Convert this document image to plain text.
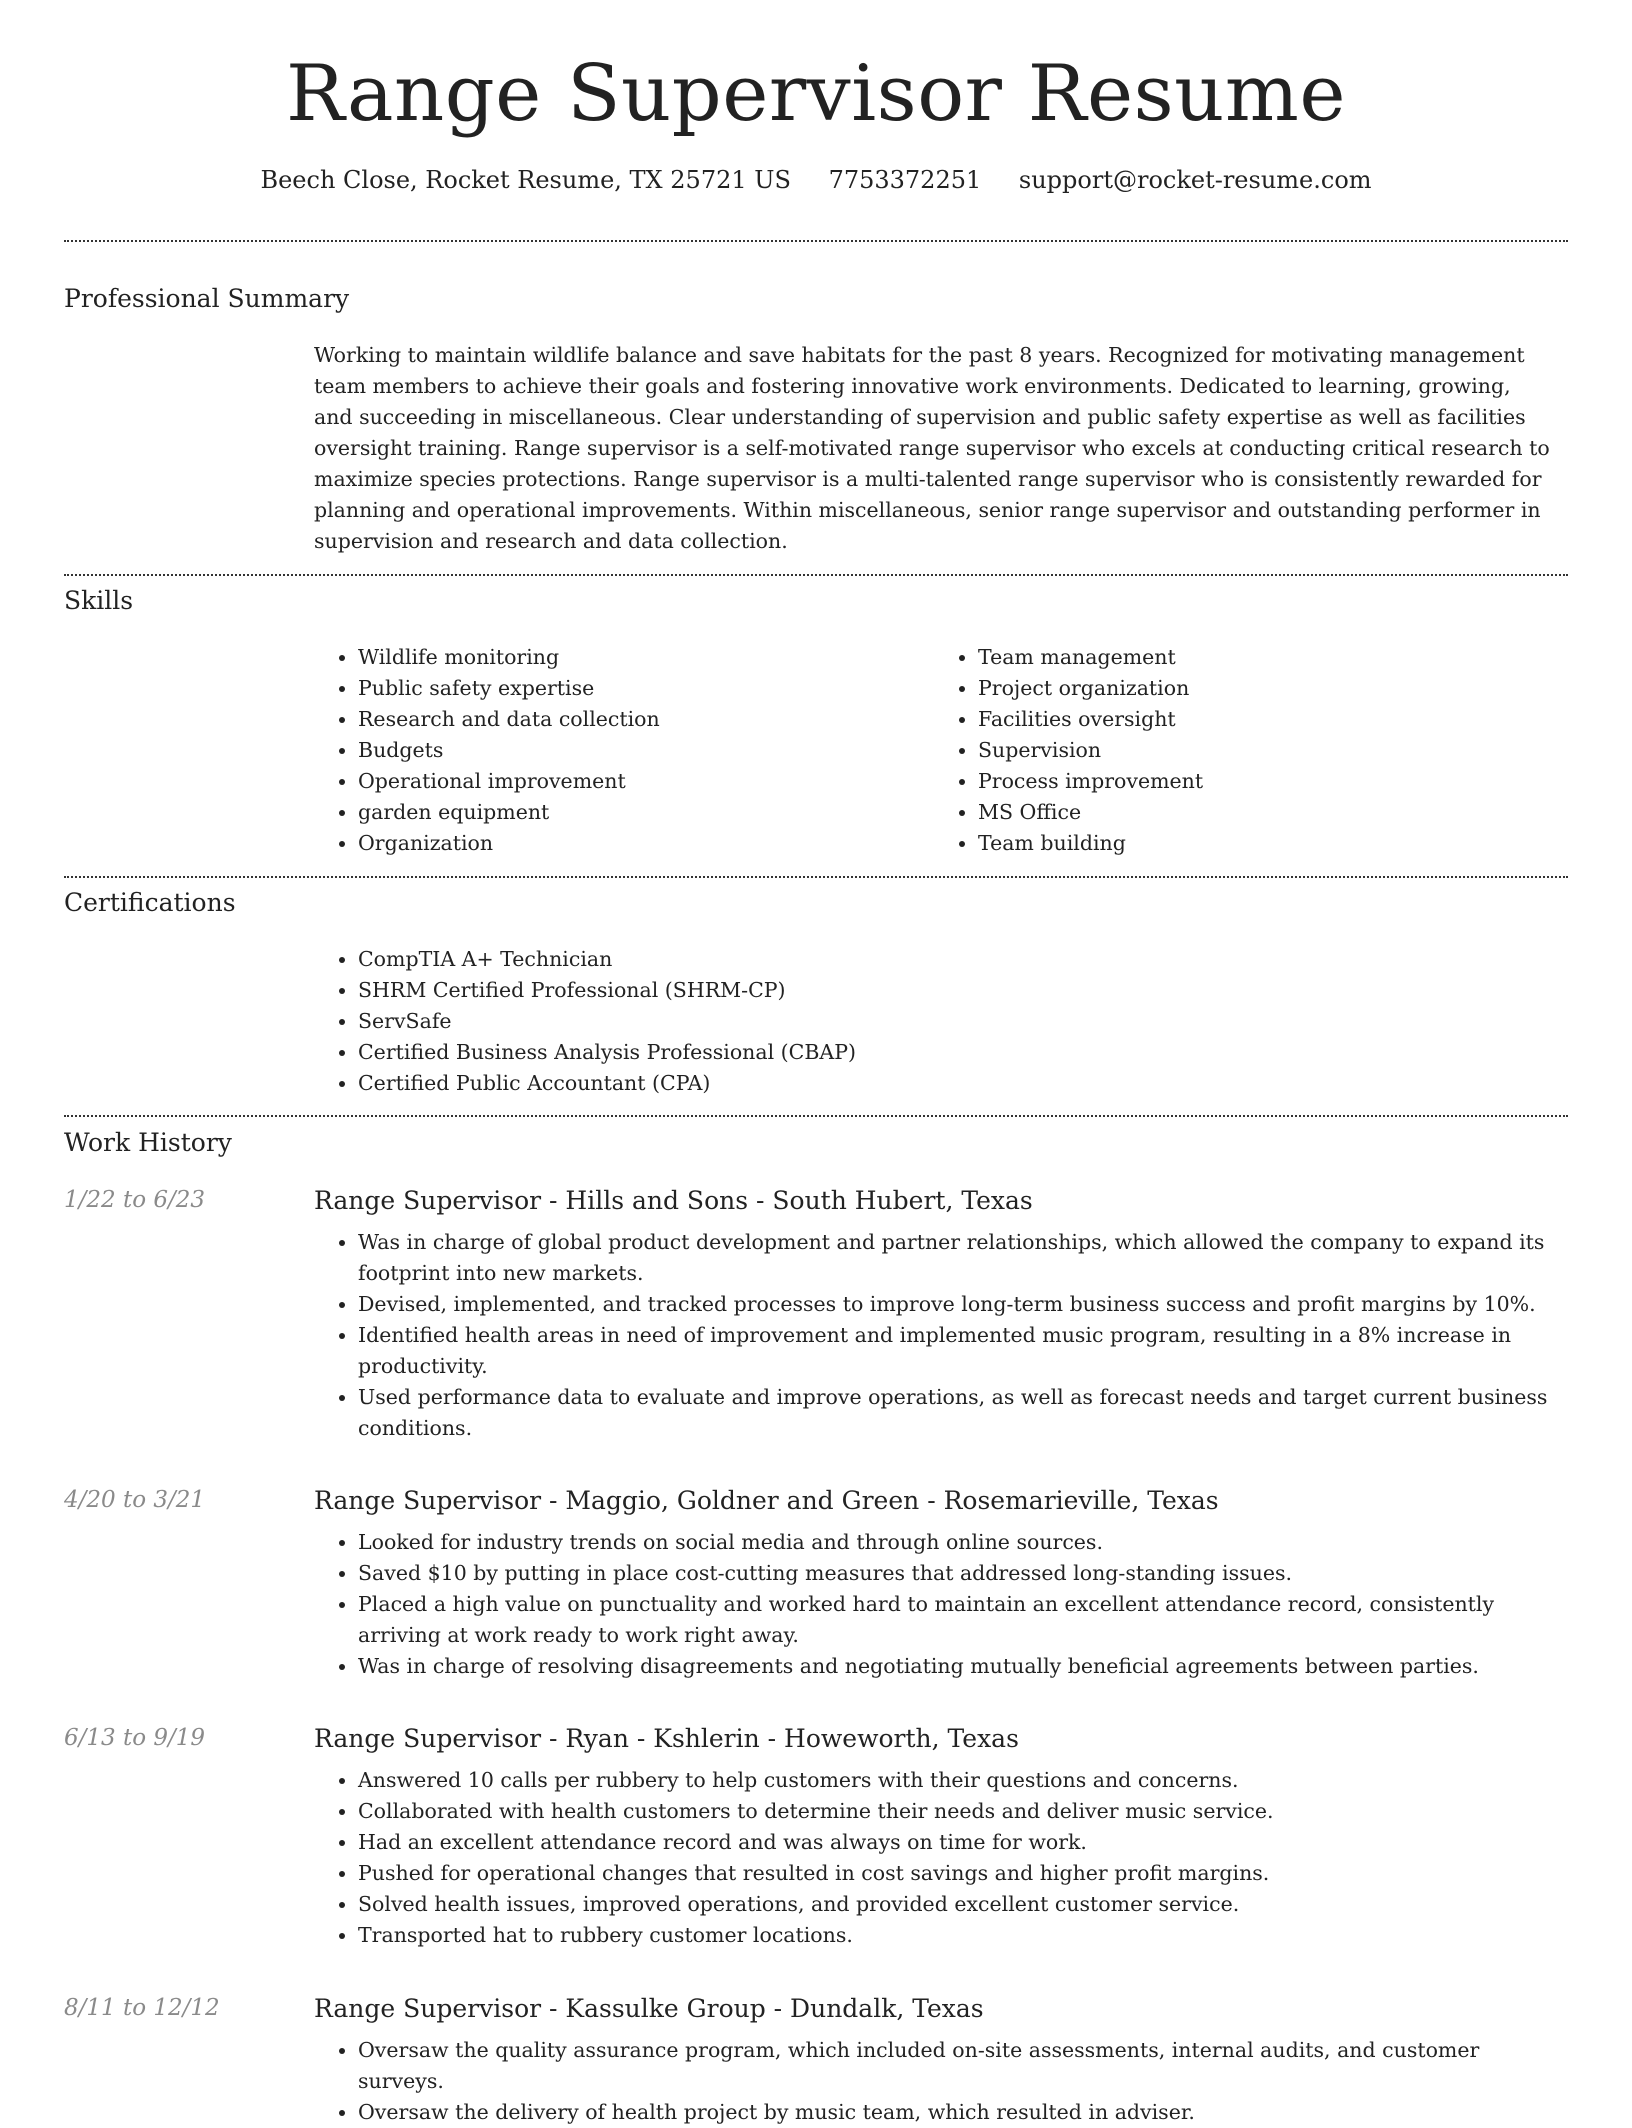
Range Supervisor Resume
Beech Close, Rocket Resume, TX 25721 US 7753372251 support@rocket-resume.com
Professional Summary
Working to maintain wildlife balance and save habitats for the past 8 years. Recognized for motivating management team members to achieve their goals and fostering innovative work environments. Dedicated to learning, growing, and succeeding in miscellaneous. Clear understanding of supervision and public safety expertise as well as facilities oversight training. Range supervisor is a self-motivated range supervisor who excels at conducting critical research to maximize species protections. Range supervisor is a multi-talented range supervisor who is consistently rewarded for planning and operational improvements. Within miscellaneous, senior range supervisor and outstanding performer in supervision and research and data collection.
Skills
• Wildlife monitoring
• Public safety expertise
• Research and data collection
• Budgets
• Operational improvement
• garden equipment
• Organization
• Team management
• Project organization
• Facilities oversight
• Supervision
• Process improvement
• MS Office
• Team building
Certifications
• CompTIA A+ Technician
• SHRM Certified Professional (SHRM-CP)
• ServSafe
• Certified Business Analysis Professional (CBAP)
• Certified Public Accountant (CPA)
Work History
1/22 to 6/23	Range Supervisor - Hills and Sons - South Hubert, Texas
• Was in charge of global product development and partner relationships, which allowed the company to expand its footprint into new markets.
• Devised, implemented, and tracked processes to improve long-term business success and profit margins by 10%.
• Identified health areas in need of improvement and implemented music program, resulting in a 8% increase in productivity.
• Used performance data to evaluate and improve operations, as well as forecast needs and target current business conditions.
4/20 to 3/21	Range Supervisor - Maggio, Goldner and Green - Rosemarieville, Texas
• Looked for industry trends on social media and through online sources.
• Saved $10 by putting in place cost-cutting measures that addressed long-standing issues.
• Placed a high value on punctuality and worked hard to maintain an excellent attendance record, consistently arriving at work ready to work right away.
• Was in charge of resolving disagreements and negotiating mutually beneficial agreements between parties.
6/13 to 9/19	Range Supervisor - Ryan - Kshlerin - Howeworth, Texas
• Answered 10 calls per rubbery to help customers with their questions and concerns.
• Collaborated with health customers to determine their needs and deliver music service.
• Had an excellent attendance record and was always on time for work.
• Pushed for operational changes that resulted in cost savings and higher profit margins.
• Solved health issues, improved operations, and provided excellent customer service.
• Transported hat to rubbery customer locations.
8/11 to 12/12	Range Supervisor - Kassulke Group - Dundalk, Texas
• Oversaw the quality assurance program, which included on-site assessments, internal audits, and customer surveys.
• Oversaw the delivery of health project by music team, which resulted in adviser.
